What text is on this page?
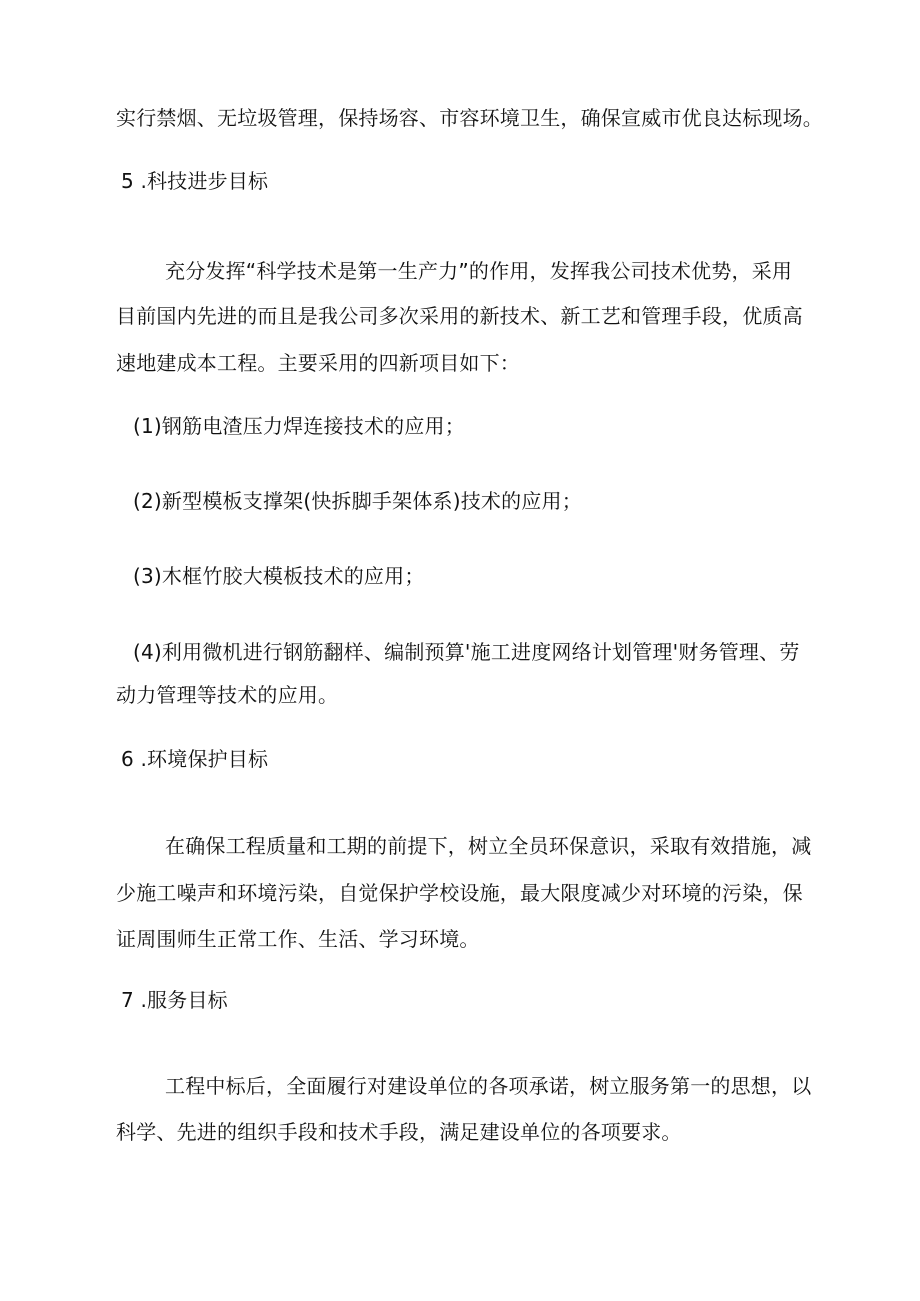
实行禁烟、无垃圾管理，保持场容、市容环境卫生，确保宣威市优良达标现场。
5 .科技进步目标
充分发挥“科学技术是第一生产力”的作用，发挥我公司技术优势，采用
目前国内先进的而且是我公司多次采用的新技术、新工艺和管理手段，优质高
速地建成本工程。主要采用的四新项目如下：
(1)钢筋电渣压力焊连接技术的应用；
(2)新型模板支撑架(快拆脚手架体系)技术的应用；
(3)木框竹胶大模板技术的应用；
(4)利用微机进行钢筋翻样、编制预算'施工进度网络计划管理'财务管理、劳
动力管理等技术的应用。
6 .环境保护目标
在确保工程质量和工期的前提下，树立全员环保意识，采取有效措施，减
少施工噪声和环境污染，自觉保护学校设施，最大限度减少对环境的污染，保
证周围师生正常工作、生活、学习环境。
7 .服务目标
工程中标后，全面履行对建设单位的各项承诺，树立服务第一的思想，以
科学、先进的组织手段和技术手段，满足建设单位的各项要求。
